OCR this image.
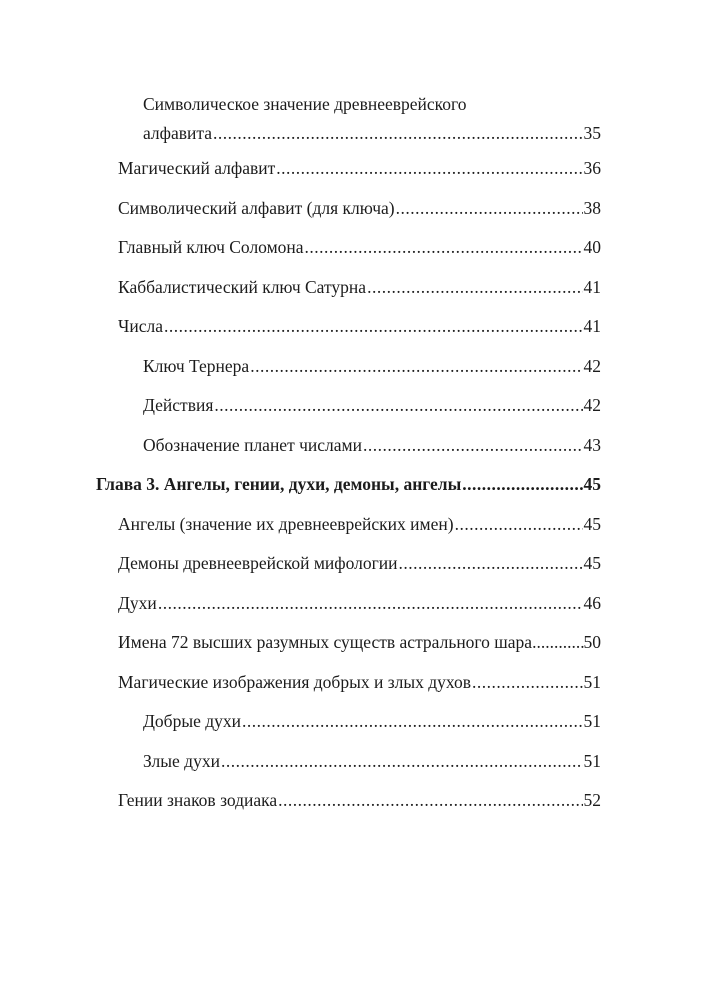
Символическое значение древнееврейского
алфавита .....	35
Магический алфавит .....	36
Символический алфавит (для ключа) .....	38
Главный ключ Соломона .....	40
Каббалистический ключ Сатурна .....	41
Числа .....	41
Ключ Тернера .....	42
Действия .....	42
Обозначение планет числами .....	43
Глава 3. Ангелы, гении, духи, демоны, ангелы .....	45
Ангелы (значение их древнееврейских имен) .....	45
Демоны древнееврейской мифологии .....	45
Духи .....	46
Имена 72 высших разумных существ астрального шара .....	50
Магические изображения добрых и злых духов .....	51
Добрые духи .....	51
Злые духи .....	51
Гении знаков зодиака .....	52
